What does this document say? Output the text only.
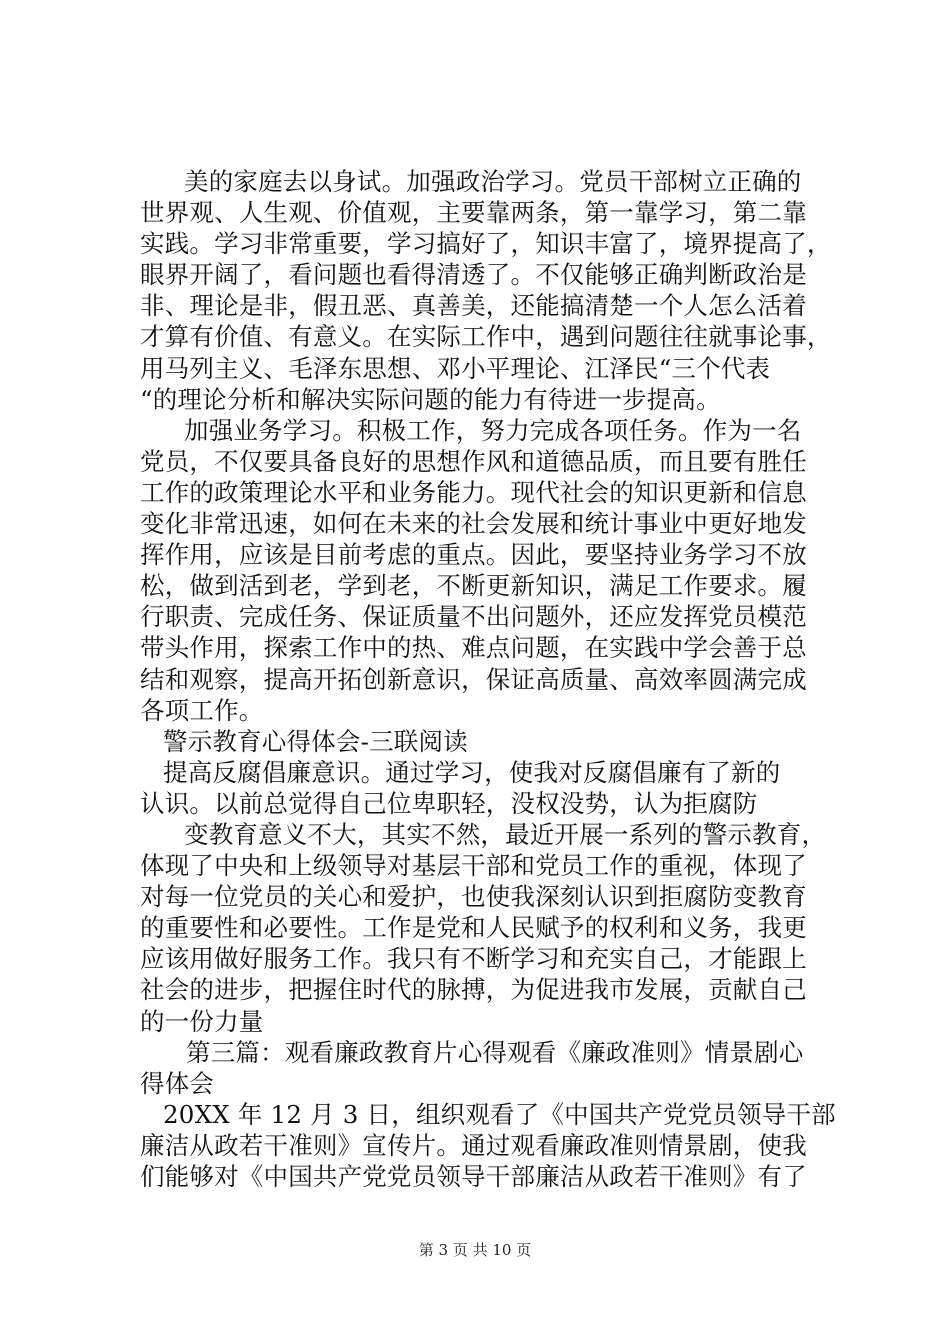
美的家庭去以身试。加强政治学习。党员干部树立正确的
世界观、人生观、价值观，主要靠两条，第一靠学习，第二靠
实践。学习非常重要，学习搞好了，知识丰富了，境界提高了，
眼界开阔了，看问题也看得清透了。不仅能够正确判断政治是
非、理论是非，假丑恶、真善美，还能搞清楚一个人怎么活着
才算有价值、有意义。在实际工作中，遇到问题往往就事论事，
用马列主义、毛泽东思想、邓小平理论、江泽民“三个代表
“的理论分析和解决实际问题的能力有待进一步提高。

加强业务学习。积极工作，努力完成各项任务。作为一名
党员，不仅要具备良好的思想作风和道德品质，而且要有胜任
工作的政策理论水平和业务能力。现代社会的知识更新和信息
变化非常迅速，如何在未来的社会发展和统计事业中更好地发
挥作用，应该是目前考虑的重点。因此，要坚持业务学习不放
松，做到活到老，学到老，不断更新知识，满足工作要求。履
行职责、完成任务、保证质量不出问题外，还应发挥党员模范
带头作用，探索工作中的热、难点问题，在实践中学会善于总
结和观察，提高开拓创新意识，保证高质量、高效率圆满完成
各项工作。

警示教育心得体会-三联阅读

提高反腐倡廉意识。通过学习，使我对反腐倡廉有了新的
认识。以前总觉得自己位卑职轻，没权没势，认为拒腐防

变教育意义不大，其实不然，最近开展一系列的警示教育，
体现了中央和上级领导对基层干部和党员工作的重视，体现了
对每一位党员的关心和爱护，也使我深刻认识到拒腐防变教育
的重要性和必要性。工作是党和人民赋予的权利和义务，我更
应该用做好服务工作。我只有不断学习和充实自己，才能跟上
社会的进步，把握住时代的脉搏，为促进我市发展，贡献自己
的一份力量

第三篇：观看廉政教育片心得观看《廉政准则》情景剧心
得体会

20XX 年 12 月 3 日，组织观看了《中国共产党党员领导干部
廉洁从政若干准则》宣传片。通过观看廉政准则情景剧，使我
们能够对《中国共产党党员领导干部廉洁从政若干准则》有了

第 3 页 共 10 页
